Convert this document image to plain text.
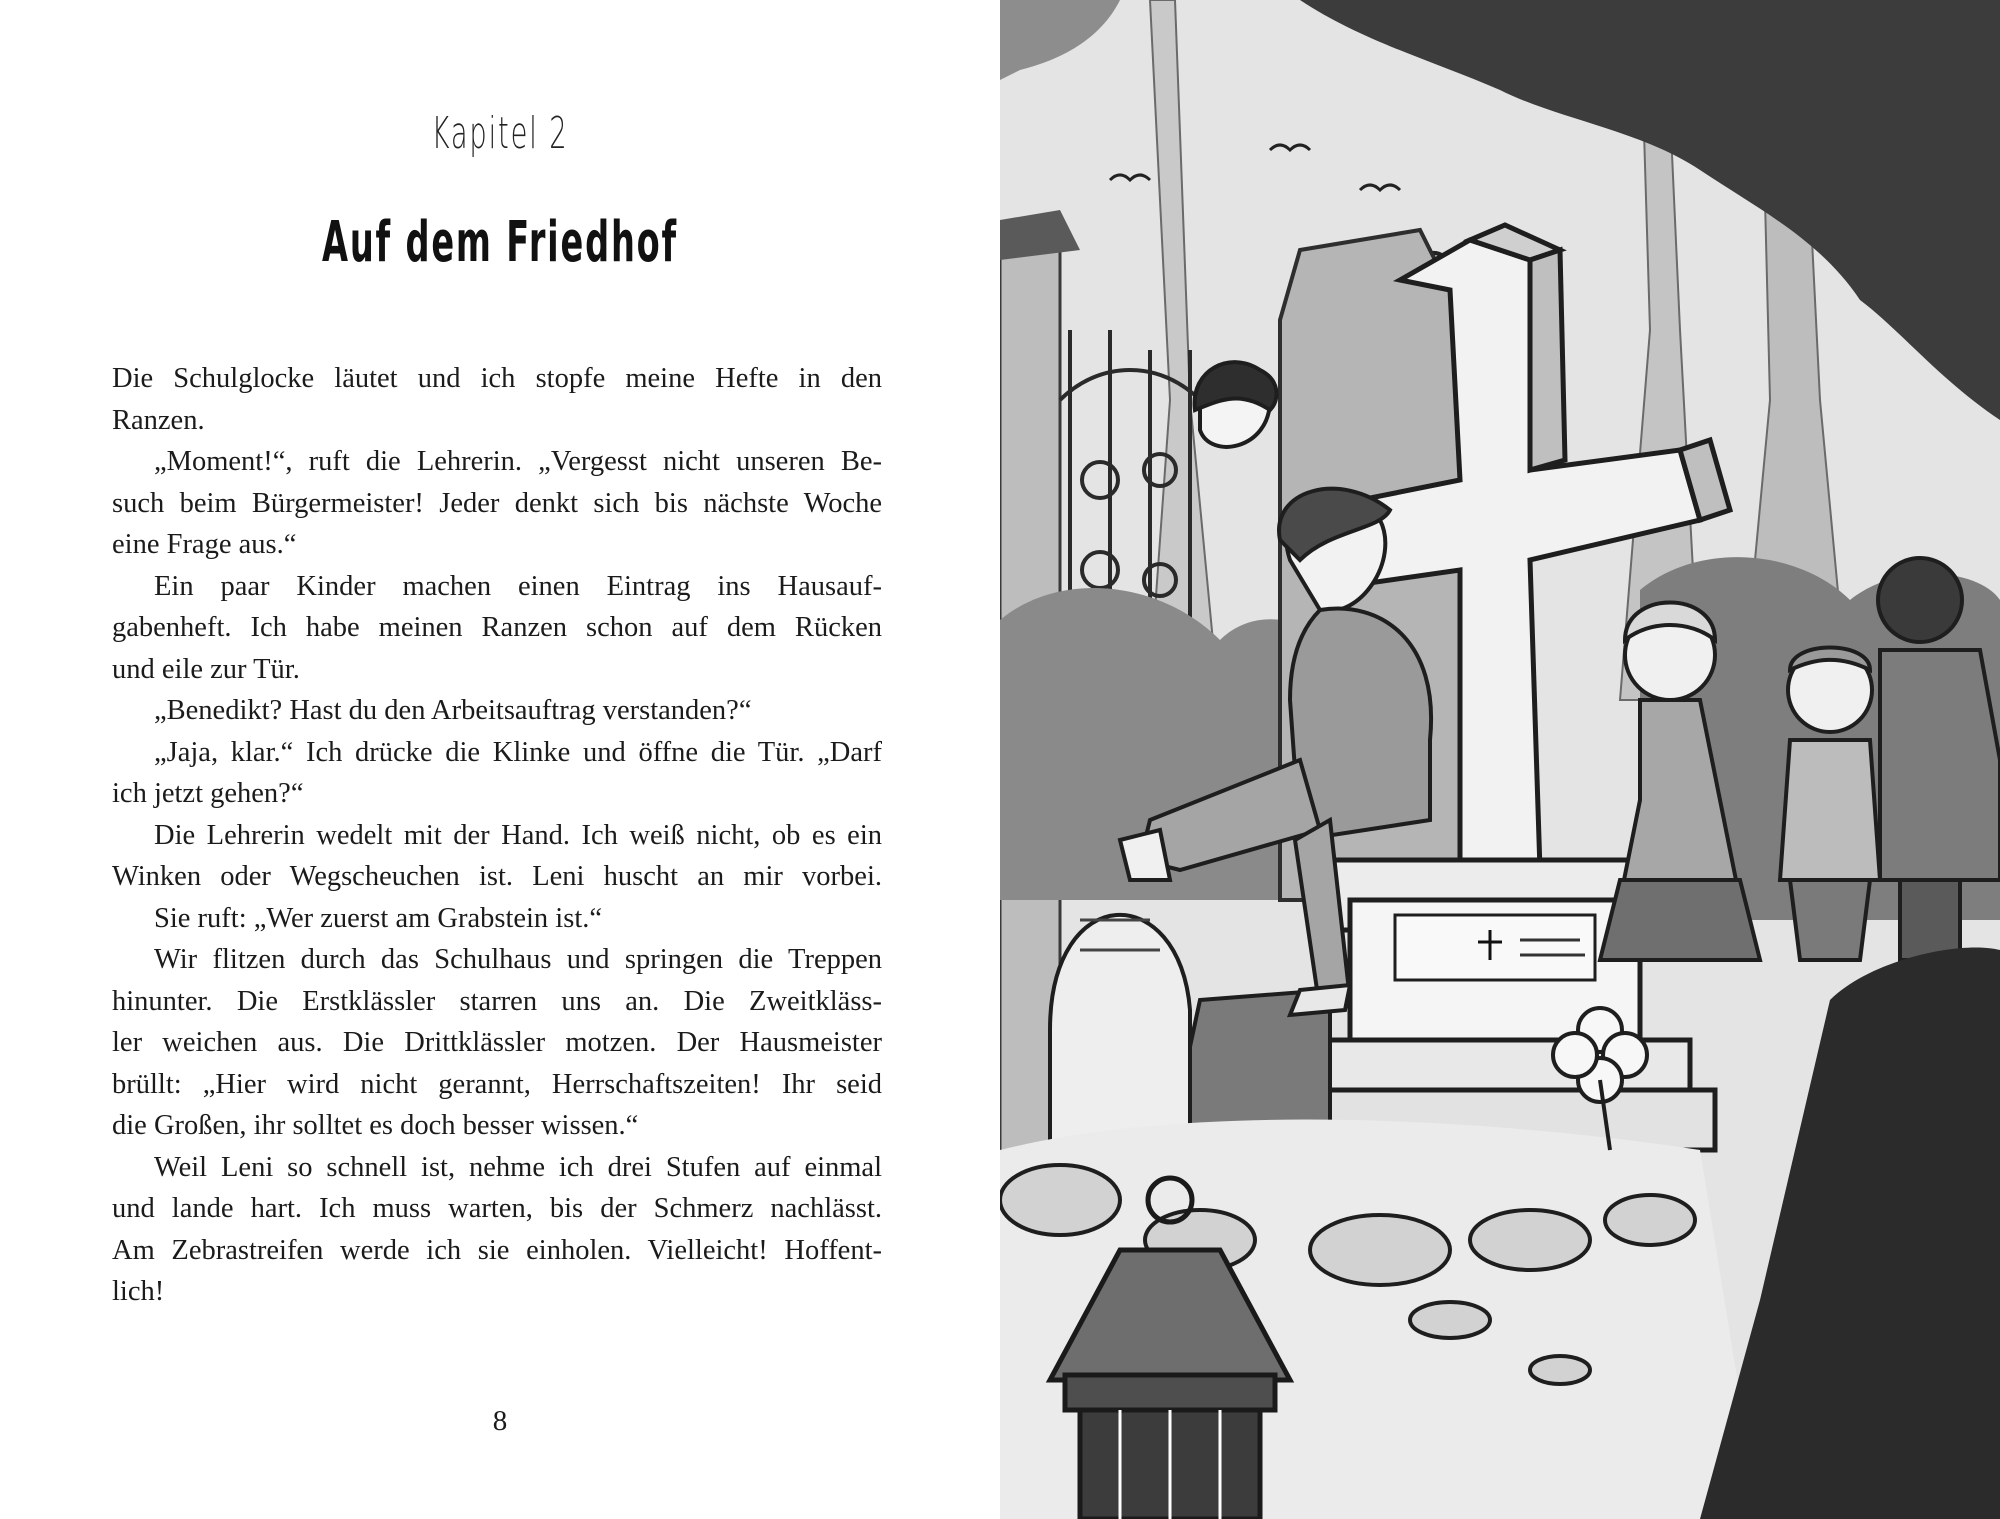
Kapitel 2
Auf dem Friedhof
Die Schulglocke läutet und ich stopfe meine Hefte in den
Ranzen.
„Moment!“, ruft die Lehrerin. „Vergesst nicht unseren Be-
such beim Bürgermeister! Jeder denkt sich bis nächste Woche
eine Frage aus.“
Ein paar Kinder machen einen Eintrag ins Hausauf-
gabenheft. Ich habe meinen Ranzen schon auf dem Rücken
und eile zur Tür.
„Benedikt? Hast du den Arbeitsauftrag verstanden?“
„Jaja, klar.“ Ich drücke die Klinke und öffne die Tür. „Darf
ich jetzt gehen?“
Die Lehrerin wedelt mit der Hand. Ich weiß nicht, ob es ein
Winken oder Wegscheuchen ist. Leni huscht an mir vorbei.
Sie ruft: „Wer zuerst am Grabstein ist.“
Wir flitzen durch das Schulhaus und springen die Treppen
hinunter. Die Erstklässler starren uns an. Die Zweitkläss-
ler weichen aus. Die Drittklässler motzen. Der Hausmeister
brüllt: „Hier wird nicht gerannt, Herrschaftszeiten! Ihr seid
die Großen, ihr solltet es doch besser wissen.“
Weil Leni so schnell ist, nehme ich drei Stufen auf einmal
und lande hart. Ich muss warten, bis der Schmerz nachlässt.
Am Zebrastreifen werde ich sie einholen. Vielleicht! Hoffent-
lich!
8
